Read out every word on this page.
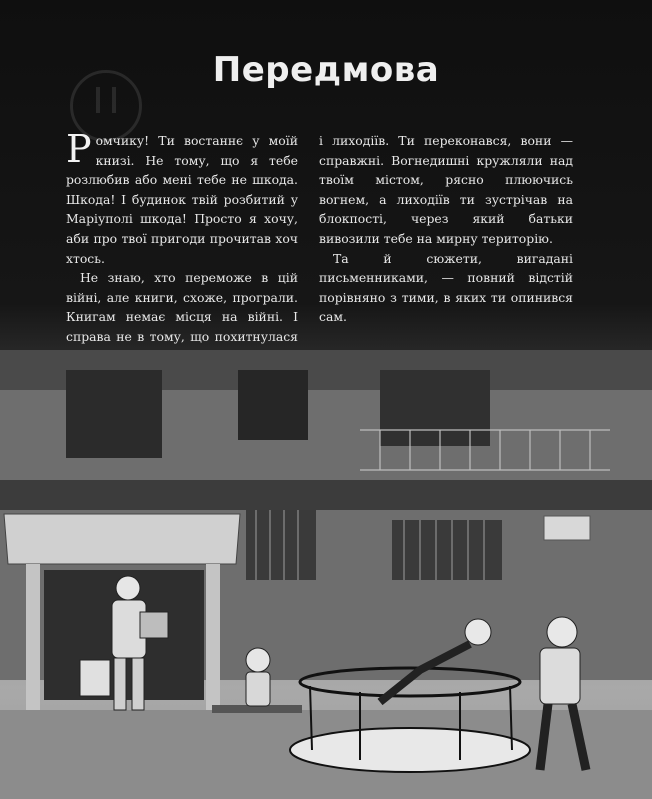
Передмова

Ромчику! Ти востаннє у моїй книзі. Не тому, що я тебе розлюбив або мені тебе не шкода. Шкода! І будинок твій розбитий у Маріуполі шкода! Просто я хочу, аби про твої пригоди прочитав хоч хтось.

Не знаю, хто переможе в цій війні, але книги, схоже, програли. Книгам немає місця на війні. І справа не в тому, що похитнулася

і лиходіїв. Ти переконався, вони — справжні. Вогнедишні кружляли над твоїм містом, рясно плюючись вогнем, а лиходіїв ти зустрічав на блокпості, через який батьки вивозили тебе на мирну територію.

Та й сюжети, вигадані письменниками, — повний відстій порівняно з тими, в яких ти опинився сам.
